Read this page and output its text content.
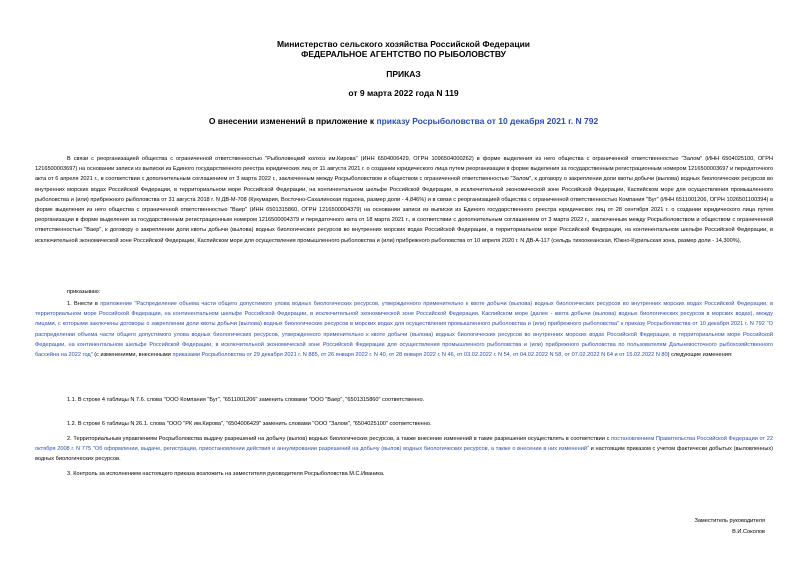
Министерство сельского хозяйства Российской Федерации
ФЕДЕРАЛЬНОЕ АГЕНТСТВО ПО РЫБОЛОВСТВУ
ПРИКАЗ
от 9 марта 2022 года N 119
О внесении изменений в приложение к приказу Росрыболовства от 10 декабря 2021 г. N 792
В связи с реорганизацией общества с ограниченной ответственностью "Рыболовецкий колхоз им.Кирова" (ИНН 6504006429, ОГРН 1096504000262) в форме выделения из него общества с ограниченной ответственностью "Залом" (ИНН 6504025100, ОГРН 1216500003697) на основании записи из выписки из Единого государственного реестра юридических лиц от 11 августа 2021 г. о создании юридического лица путем реорганизации в форме выделения за государственным регистрационным номером 1216500003697 и передаточного акта от 6 апреля 2021 г., в соответствии с дополнительным соглашением от 3 марта 2022 г., заключенным между Росрыболовством и обществом с ограниченной ответственностью "Залом", к договору о закреплении доли квоты добычи (вылова) водных биологических ресурсов во внутренних морских водах Российской Федерации, в территориальном море Российской Федерации, на континентальном шельфе Российской Федерации, в исключительной экономической зоне Российской Федерации, Каспийском море для осуществления промышленного рыболовства и (или) прибрежного рыболовства от 31 августа 2018 г. N ДВ-М-708 (Кукумария, Восточно-Сахалинская подзона, размер доли - 4,846%) и в связи с реорганизацией общества с ограниченной ответственностью Компания "Буг" (ИНН 6511001206, ОГРН 1026501100394) в форме выделения из него общества с ограниченной ответственностью "Ваер" (ИНН 6501315860, ОГРН 1216500004379) на основании записи из выписки из Единого государственного реестра юридических лиц от 28 сентября 2021 г. о создании юридического лица путем реорганизации в форме выделения за государственным регистрационным номером 1216500004379 и передаточного акта от 18 марта 2021 г., в соответствии с дополнительным соглашением от 3 марта 2022 г., заключенным между Росрыболовством и обществом с ограниченной ответственностью "Ваер", к договору о закреплении доли квоты добычи (вылова) водных биологических ресурсов во внутренних морских водах Российской Федерации, в территориальном море Российской Федерации, на континентальном шельфе Российской Федерации, в исключительной экономической зоне Российской Федерации, Каспийском море для осуществления промышленного рыболовства и (или) прибрежного рыболовства от 10 апреля 2020 г. N ДВ-А-117 (сельдь тихоокеанская, Южно-Курильская зона, размер доли - 14,300%),
приказываю:
1. Внести в приложение "Распределение объема части общего допустимого улова водных биологических ресурсов, утвержденного применительно к квоте добычи (вылова) водных биологических ресурсов во внутренних морских водах Российской Федерации, в территориальном море Российской Федерации, на континентальном шельфе Российской Федерации, в исключительной экономической зоне Российской Федерации, Каспийском море (далее - квота добычи (вылова) водных биологических ресурсов в морских водах), между лицами, с которыми заключены договоры о закреплении доли квоты добычи (вылова) водных биологических ресурсов в морских водах для осуществления промышленного рыболовства и (или) прибрежного рыболовства" к приказу Росрыболовства от 10 декабря 2021 г. N 792 "О распределении объема части общего допустимого улова водных биологических ресурсов, утвержденного применительно к квоте добычи (вылова) водных биологических ресурсов во внутренних морских водах Российской Федерации, в территориальном море Российской Федерации, на континентальном шельфе Российской Федерации, в исключительной экономической зоне Российской Федерации для осуществления промышленного рыболовства и (или) прибрежного рыболовства по пользователям Дальневосточного рыбохозяйственного бассейна на 2022 год" (с изменениями, внесенными приказами Росрыболовства от 29 декабря 2021 г. N 885, от 26 января 2022 г. N 40, от 28 января 2022 г. N 46, от 03.02.2022 г. N 54, от 04.02.2022 N 58, от 07.02.2022 N 64 и от 15.02.2022 N 80) следующие изменения:
1.1. В строке 4 таблицы N 7.6. слова "ООО Компания "Буг", "6511001206" заменить словами "ООО "Ваер", "6501315860" соответственно.
1.2. В строке 6 таблицы N 26.1. слова "ООО "РК им.Кирова", "6504006429" заменить словами "ООО "Залом", "6504025100" соответственно.
2. Территориальным управлениям Росрыболовства выдачу разрешений на добычу (вылов) водных биологических ресурсов, а также внесение изменений в такие разрешения осуществлять в соответствии с постановлением Правительства Российской Федерации от 22 октября 2008 г. N 775 "Об оформлении, выдаче, регистрации, приостановлении действия и аннулировании разрешений на добычу (вылов) водных биологических ресурсов, а также о внесении в них изменений" и настоящим приказом с учетом фактически добытых (выловленных) водных биологических ресурсов.
3. Контроль за исполнением настоящего приказа возложить на заместителя руководителя Росрыболовства М.С.Иваника.
Заместитель руководителя
В.И.Соколов
